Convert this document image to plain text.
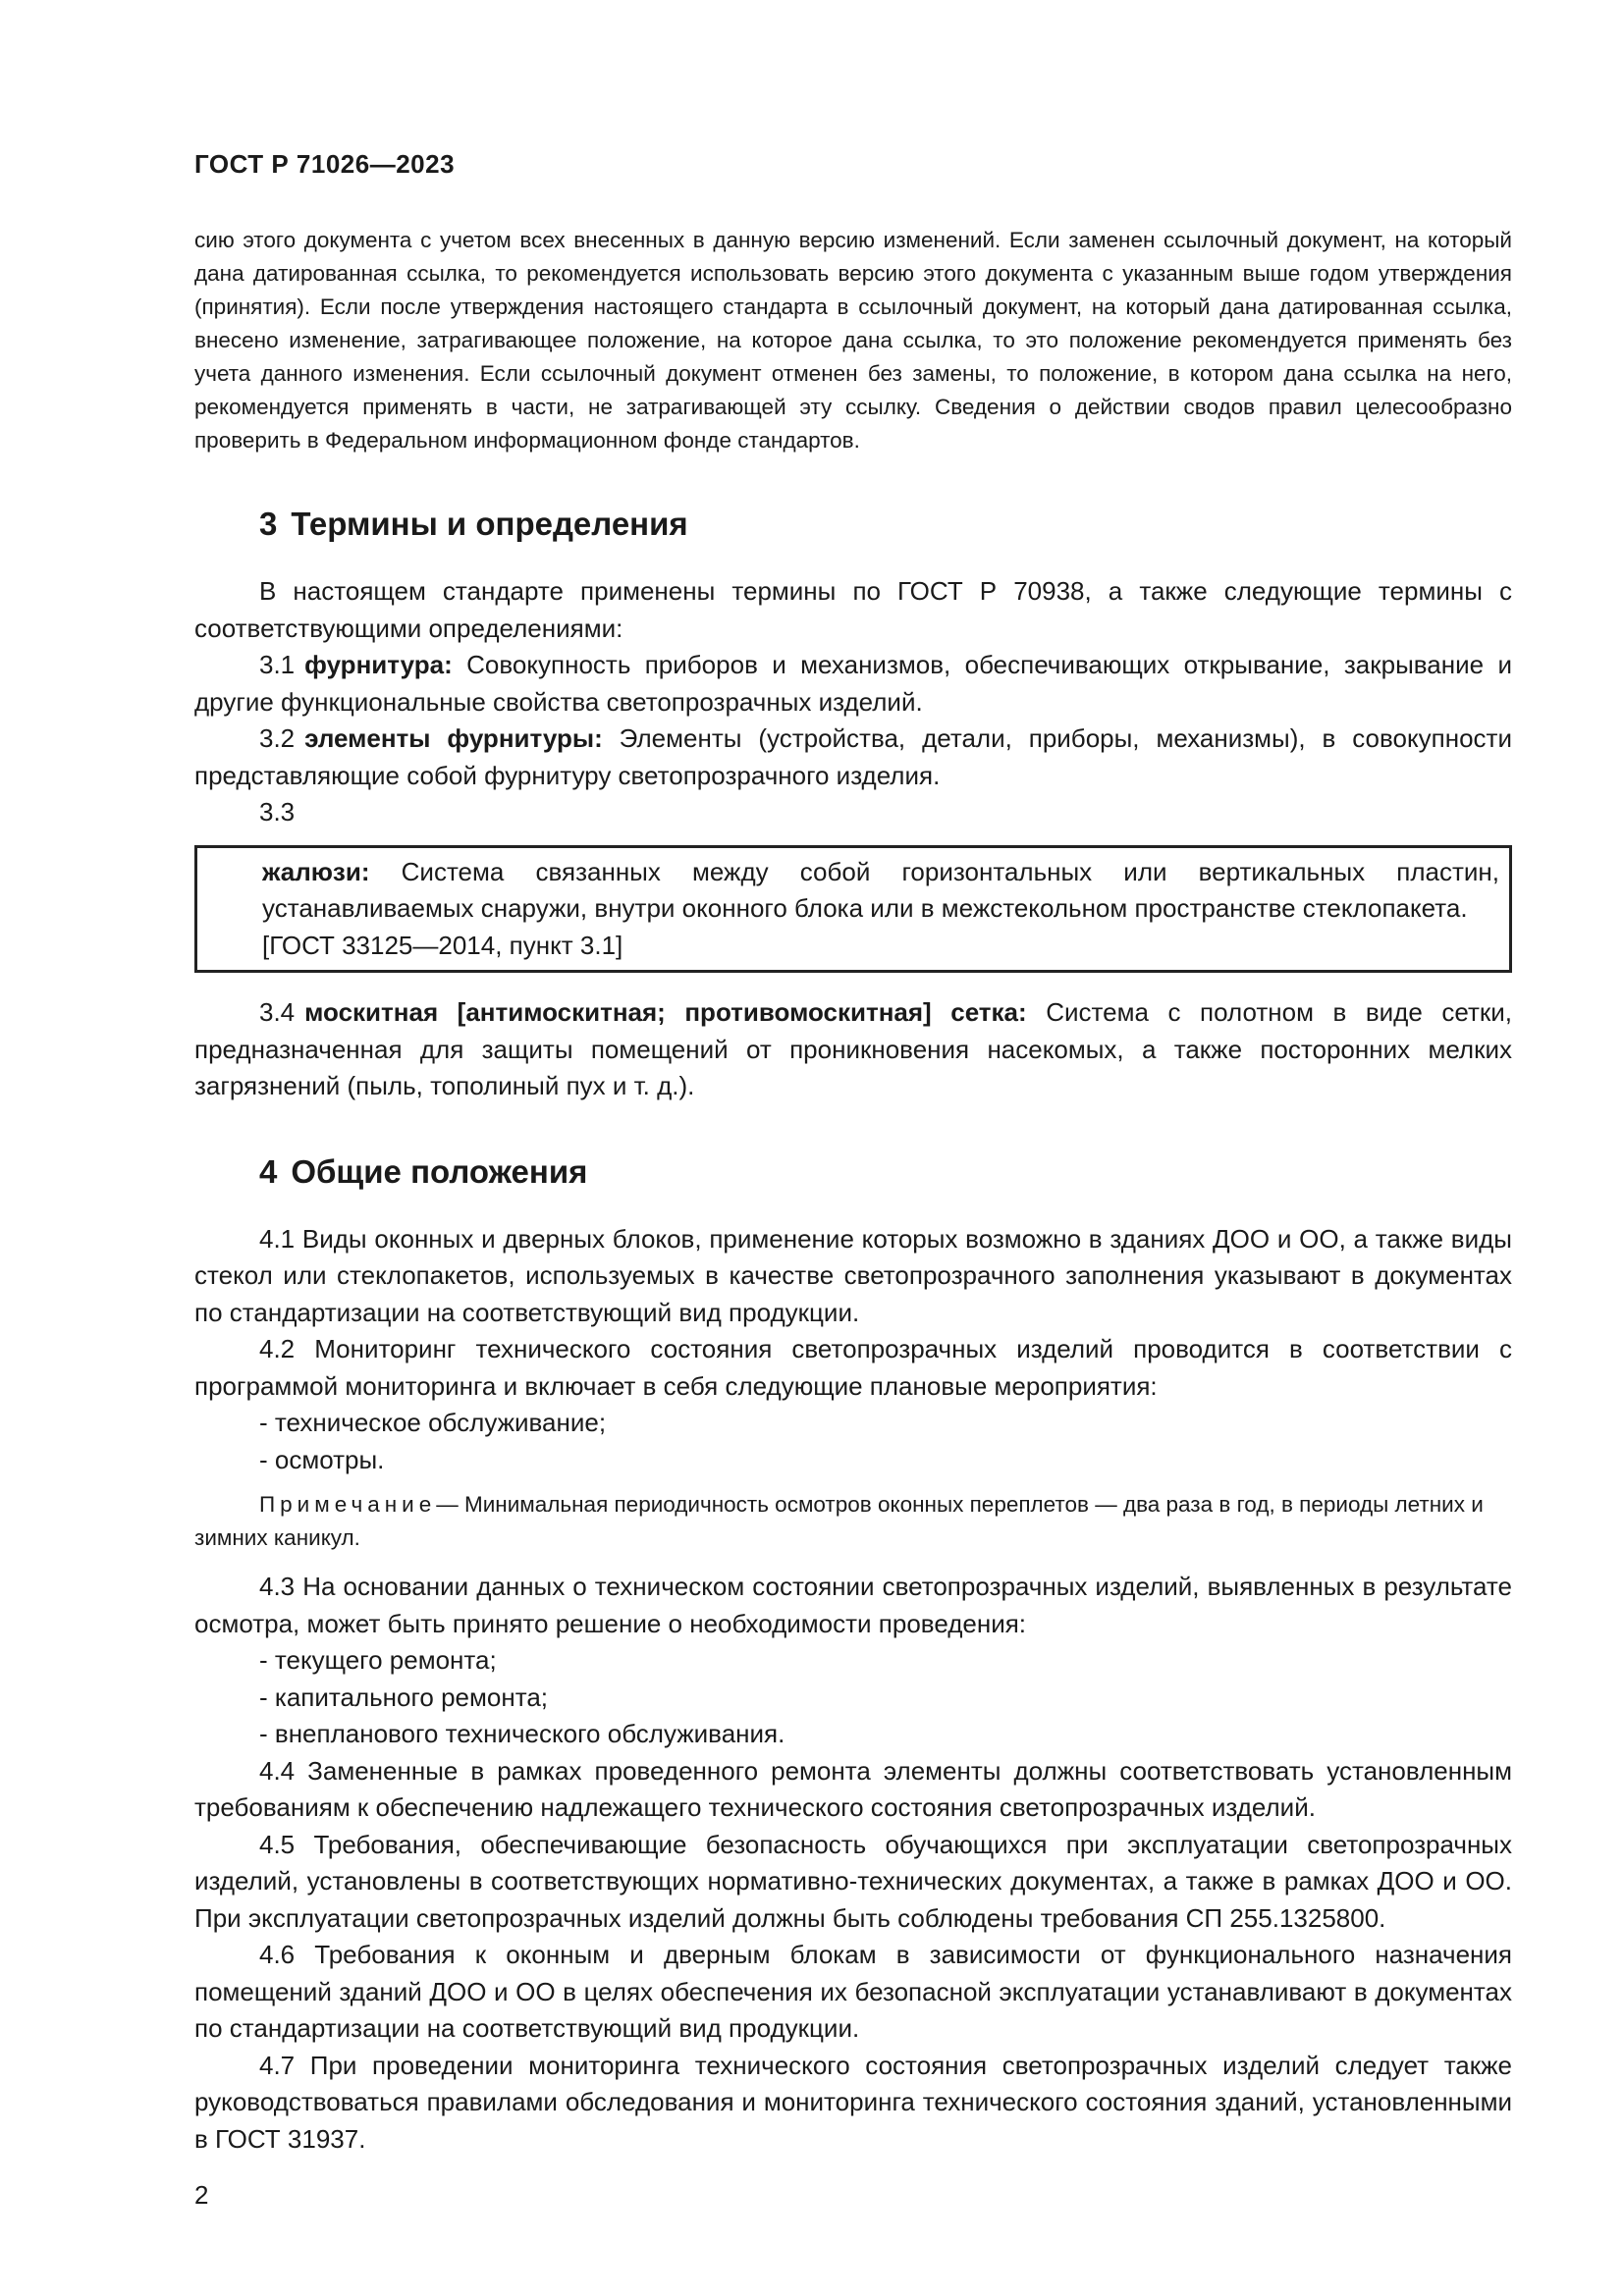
ГОСТ Р 71026—2023

сию этого документа с учетом всех внесенных в данную версию изменений. Если заменен ссылочный документ, на который дана датированная ссылка, то рекомендуется использовать версию этого документа с указанным выше годом утверждения (принятия). Если после утверждения настоящего стандарта в ссылочный документ, на который дана датированная ссылка, внесено изменение, затрагивающее положение, на которое дана ссылка, то это положение рекомендуется применять без учета данного изменения. Если ссылочный документ отменен без замены, то положение, в котором дана ссылка на него, рекомендуется применять в части, не затрагивающей эту ссылку. Сведения о действии сводов правил целесообразно проверить в Федеральном информационном фонде стандартов.

3 Термины и определения

В настоящем стандарте применены термины по ГОСТ Р 70938, а также следующие термины с соответствующими определениями:

3.1 фурнитура: Совокупность приборов и механизмов, обеспечивающих открывание, закрывание и другие функциональные свойства светопрозрачных изделий.

3.2 элементы фурнитуры: Элементы (устройства, детали, приборы, механизмы), в совокупности представляющие собой фурнитуру светопрозрачного изделия.

3.3

жалюзи: Система связанных между собой горизонтальных или вертикальных пластин, устанавливаемых снаружи, внутри оконного блока или в межстекольном пространстве стеклопакета.

[ГОСТ 33125—2014, пункт 3.1]

3.4 москитная [антимоскитная; противомоскитная] сетка: Система с полотном в виде сетки, предназначенная для защиты помещений от проникновения насекомых, а также посторонних мелких загрязнений (пыль, тополиный пух и т. д.).

4 Общие положения

4.1 Виды оконных и дверных блоков, применение которых возможно в зданиях ДОО и ОО, а также виды стекол или стеклопакетов, используемых в качестве светопрозрачного заполнения указывают в документах по стандартизации на соответствующий вид продукции.

4.2 Мониторинг технического состояния светопрозрачных изделий проводится в соответствии с программой мониторинга и включает в себя следующие плановые мероприятия:

- техническое обслуживание;

- осмотры.

Примечание— Минимальная периодичность осмотров оконных переплетов — два раза в год, в периоды летних и зимних каникул.

4.3 На основании данных о техническом состоянии светопрозрачных изделий, выявленных в результате осмотра, может быть принято решение о необходимости проведения:

- текущего ремонта;

- капитального ремонта;

- внепланового технического обслуживания.

4.4 Замененные в рамках проведенного ремонта элементы должны соответствовать установленным требованиям к обеспечению надлежащего технического состояния светопрозрачных изделий.

4.5 Требования, обеспечивающие безопасность обучающихся при эксплуатации светопрозрачных изделий, установлены в соответствующих нормативно-технических документах, а также в рамках ДОО и ОО. При эксплуатации светопрозрачных изделий должны быть соблюдены требования СП 255.1325800.

4.6 Требования к оконным и дверным блокам в зависимости от функционального назначения помещений зданий ДОО и ОО в целях обеспечения их безопасной эксплуатации устанавливают в документах по стандартизации на соответствующий вид продукции.

4.7 При проведении мониторинга технического состояния светопрозрачных изделий следует также руководствоваться правилами обследования и мониторинга технического состояния зданий, установленными в ГОСТ 31937.

2
